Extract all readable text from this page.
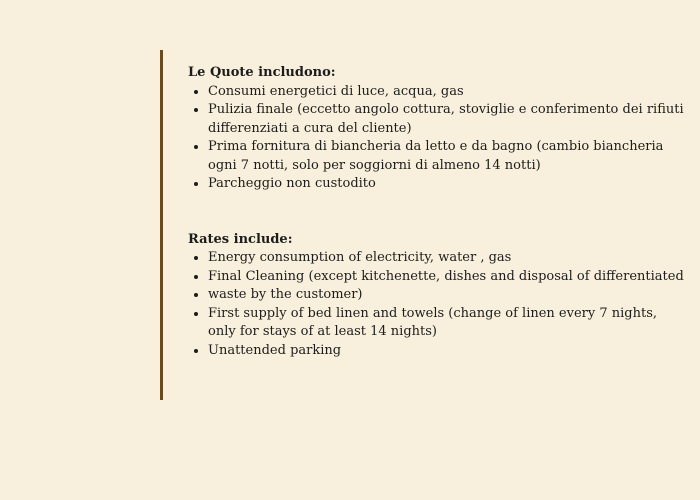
Le Quote includono:

• Consumi energetici di luce, acqua, gas
• Pulizia finale (eccetto angolo cottura, stoviglie e conferimento dei rifiuti differenziati a cura del cliente)
• Prima fornitura di biancheria da letto e da bagno (cambio biancheria ogni 7 notti, solo per soggiorni di almeno 14 notti)
• Parcheggio non custodito

Rates include:

• Energy consumption of electricity, water , gas
• Final Cleaning (except kitchenette, dishes and disposal of differentiated
• waste by the customer)
• First supply of bed linen and towels (change of linen every 7 nights, only for stays of at least 14 nights)
• Unattended parking
